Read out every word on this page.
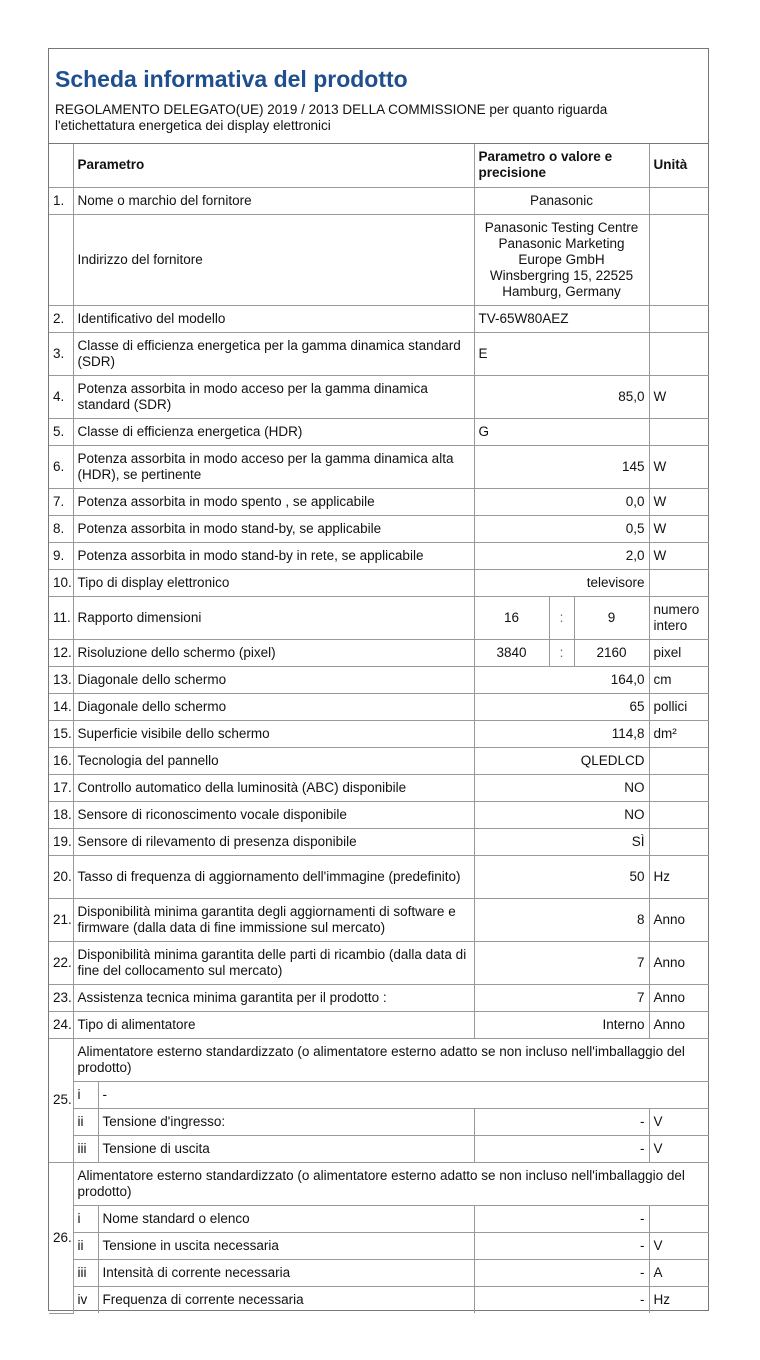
Scheda informativa del prodotto
REGOLAMENTO DELEGATO(UE) 2019 / 2013 DELLA COMMISSIONE per quanto riguarda l'etichettatura energetica dei display elettronici
	Parametro		Parametro o valore e precisione			Unità
1.	Nome o marchio del fornitore		Panasonic			
	Indirizzo del fornitore		Panasonic Testing Centre Panasonic Marketing Europe GmbH Winsbergring 15, 22525 Hamburg, Germany			
2.	Identificativo del modello		TV-65W80AEZ			
3.	Classe di efficienza energetica per la gamma dinamica standard (SDR)		E			
4.	Potenza assorbita in modo acceso per la gamma dinamica standard (SDR)		85,0			W
5.	Classe di efficienza energetica (HDR)		G			
6.	Potenza assorbita in modo acceso per la gamma dinamica alta (HDR), se pertinente		145			W
7.	Potenza assorbita in modo spento , se applicabile		0,0			W
8.	Potenza assorbita in modo stand-by, se applicabile		0,5			W
9.	Potenza assorbita in modo stand-by in rete, se applicabile		2,0			W
10.	Tipo di display elettronico		televisore			
11.	Rapporto dimensioni		16	:	9	numero intero
12.	Risoluzione dello schermo (pixel)		3840	:	2160	pixel
13.	Diagonale dello schermo		164,0			cm
14.	Diagonale dello schermo		65			pollici
15.	Superficie visibile dello schermo		114,8			dm²
16.	Tecnologia del pannello		QLEDLCD			
17.	Controllo automatico della luminosità (ABC) disponibile		NO			
18.	Sensore di riconoscimento vocale disponibile		NO			
19.	Sensore di rilevamento di presenza disponibile		SÌ			
20.	Tasso di frequenza di aggiornamento dell'immagine (predefinito)		50			Hz
21.	Disponibilità minima garantita degli aggiornamenti di software e firmware (dalla data di fine immissione sul mercato)		8			Anno
22.	Disponibilità minima garantita delle parti di ricambio (dalla data di fine del collocamento sul mercato)		7			Anno
23.	Assistenza tecnica minima garantita per il prodotto :		7			Anno
24.	Tipo di alimentatore		Interno			Anno
25.	Alimentatore esterno standardizzato (o alimentatore esterno adatto se non incluso nell'imballaggio del prodotto)					
	i	-				
	ii	Tensione d'ingresso:	-			V
	iii	Tensione di uscita	-			V
26.	Alimentatore esterno standardizzato (o alimentatore esterno adatto se non incluso nell'imballaggio del prodotto)					
	i	Nome standard o elenco	-			
	ii	Tensione in uscita necessaria	-			V
	iii	Intensità di corrente necessaria	-			A
	iv	Frequenza di corrente necessaria	-			Hz
